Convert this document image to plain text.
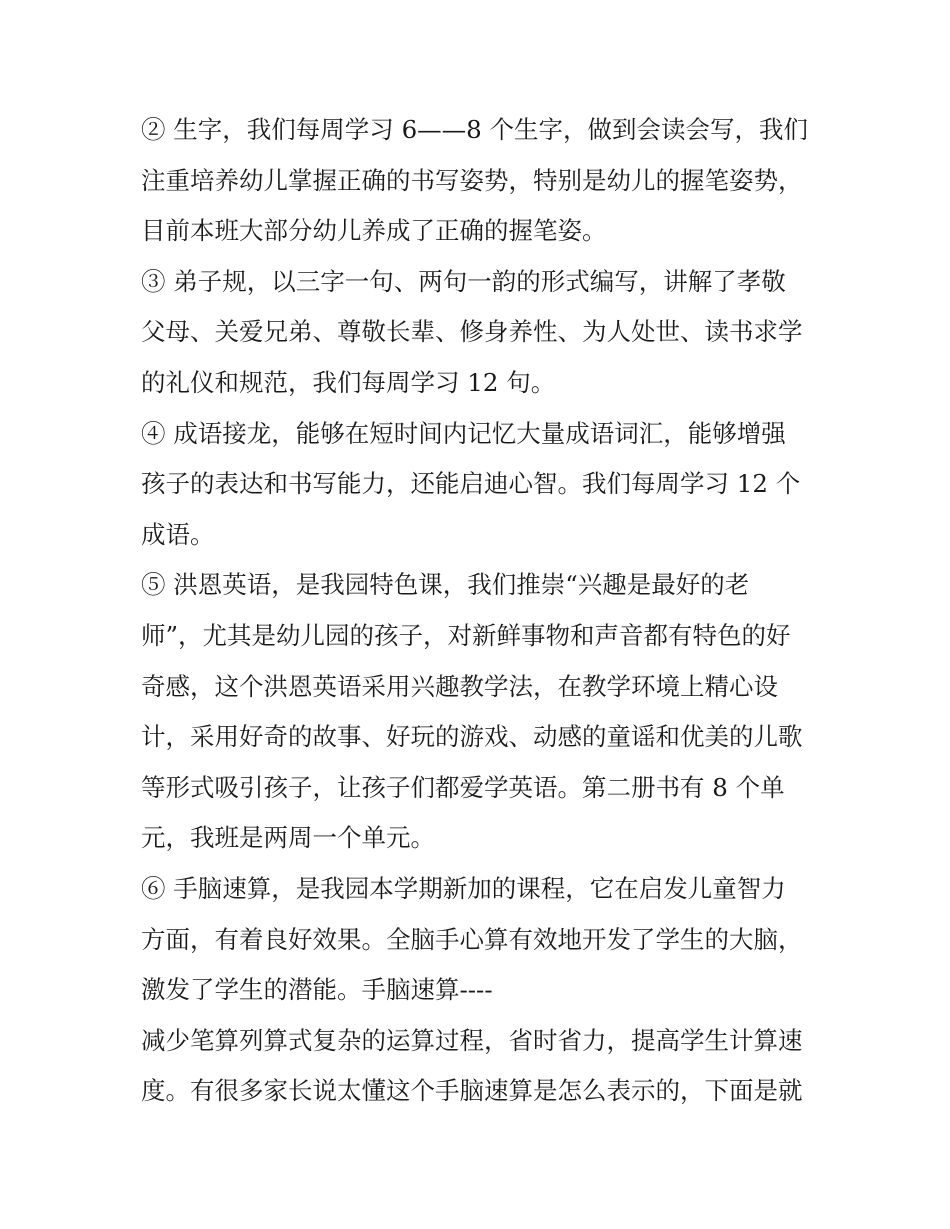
② 生字，我们每周学习 6——8 个生字，做到会读会写，我们
注重培养幼儿掌握正确的书写姿势，特别是幼儿的握笔姿势，
目前本班大部分幼儿养成了正确的握笔姿。
③ 弟子规，以三字一句、两句一韵的形式编写，讲解了孝敬
父母、关爱兄弟、尊敬长辈、修身养性、为人处世、读书求学
的礼仪和规范，我们每周学习 12 句。
④ 成语接龙，能够在短时间内记忆大量成语词汇，能够增强
孩子的表达和书写能力，还能启迪心智。我们每周学习 12 个
成语。
⑤ 洪恩英语，是我园特色课，我们推崇“兴趣是最好的老
师”，尤其是幼儿园的孩子，对新鲜事物和声音都有特色的好
奇感，这个洪恩英语采用兴趣教学法，在教学环境上精心设
计，采用好奇的故事、好玩的游戏、动感的童谣和优美的儿歌
等形式吸引孩子，让孩子们都爱学英语。第二册书有 8 个单
元，我班是两周一个单元。
⑥ 手脑速算，是我园本学期新加的课程，它在启发儿童智力
方面，有着良好效果。全脑手心算有效地开发了学生的大脑，
激发了学生的潜能。手脑速算----
减少笔算列算式复杂的运算过程，省时省力，提高学生计算速
度。有很多家长说太懂这个手脑速算是怎么表示的，下面是就
